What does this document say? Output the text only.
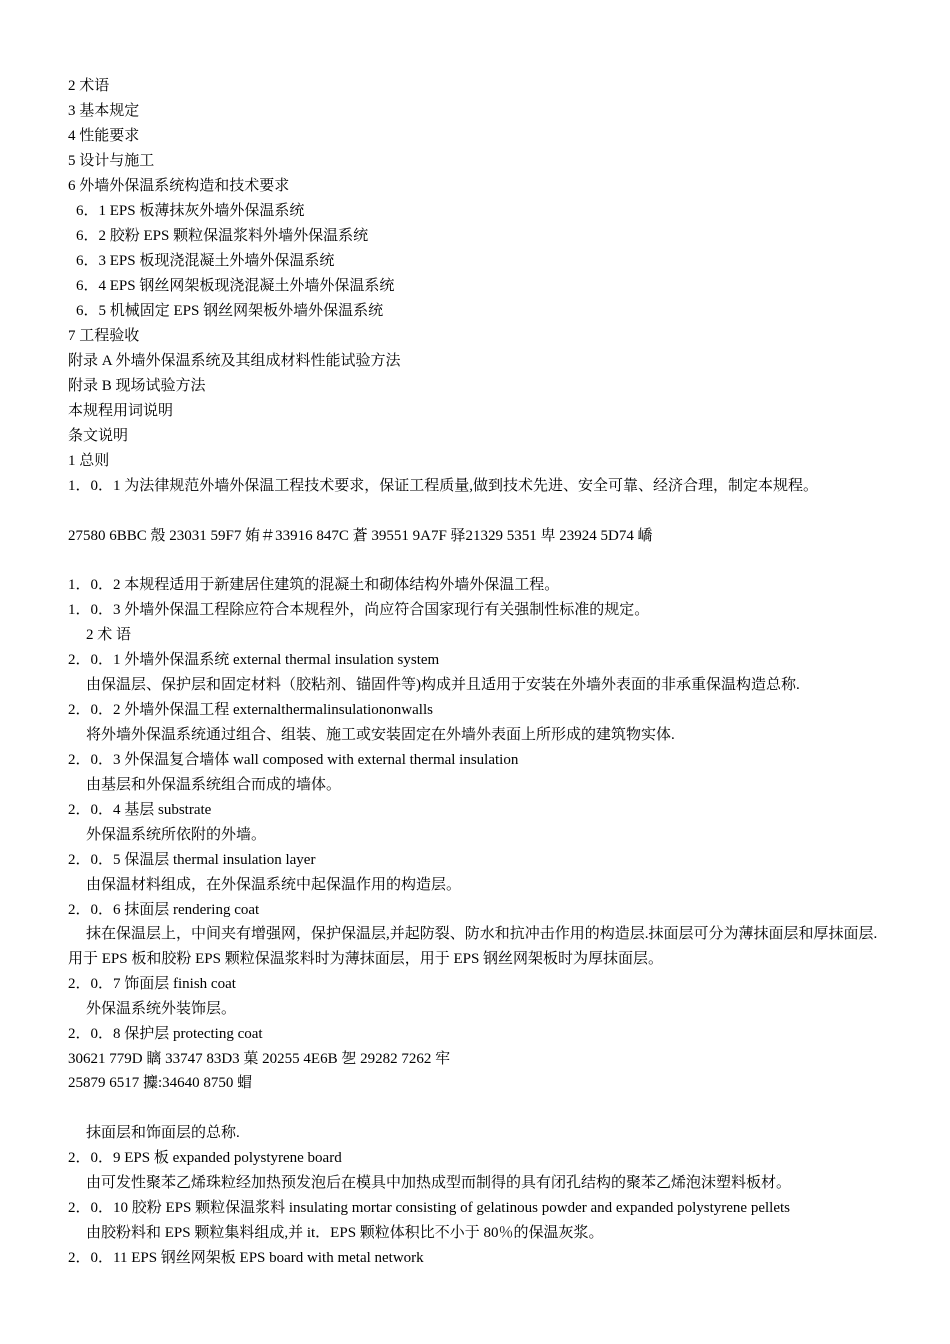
2 术语
3 基本规定
4 性能要求
5 设计与施工
6 外墙外保温系统构造和技术要求
6．1 EPS 板薄抹灰外墙外保温系统
6．2 胶粉 EPS 颗粒保温浆料外墙外保温系统
6．3 EPS 板现浇混凝土外墙外保温系统
6．4 EPS 钢丝网架板现浇混凝土外墙外保温系统
6．5 机械固定 EPS 钢丝网架板外墙外保温系统
7 工程验收
附录 A 外墙外保温系统及其组成材料性能试验方法
附录 B 现场试验方法
本规程用词说明
条文说明
1 总则
1．0．1 为法律规范外墙外保温工程技术要求，保证工程质量,做到技术先进、安全可靠、经济合理，制定本规程。
27580 6BBC 殼 23031 59F7 姷＃33916 847C 蒼 39551 9A7F 驿21329 5351 卑 23924 5D74 嶠
1．0．2 本规程适用于新建居住建筑的混凝土和砌体结构外墙外保温工程。
1．0．3 外墙外保温工程除应符合本规程外，尚应符合国家现行有关强制性标准的规定。
2 术 语
2．0．1 外墙外保温系统 external thermal insulation system
由保温层、保护层和固定材料（胶粘剂、锚固件等)构成并且适用于安装在外墙外表面的非承重保温构造总称.
2．0．2 外墙外保温工程 externalthermalinsulationonwalls
将外墙外保温系统通过组合、组装、施工或安装固定在外墙外表面上所形成的建筑物实体.
2．0．3 外保温复合墙体 wall composed with external thermal insulation
由基层和外保温系统组合而成的墙体。
2．0．4 基层 substrate
外保温系统所依附的外墙。
2．0．5 保温层 thermal insulation layer
由保温材料组成，在外保温系统中起保温作用的构造层。
2．0．6 抹面层 rendering coat
抹在保温层上，中间夹有增强网，保护保温层,并起防裂、防水和抗冲击作用的构造层.抹面层可分为薄抹面层和厚抹面层.用于 EPS 板和胶粉 EPS 颗粒保温浆料时为薄抹面层，用于 EPS 钢丝网架板时为厚抹面层。
2．0．7 饰面层 finish coat
外保温系统外装饰层。
2．0．8 保护层 protecting coat
30621 779D 瞝 33747 83D3 菓 20255 4E6B 乫 29282 7262 牢
25879 6517 攗:34640 8750 蝐
抹面层和饰面层的总称.
2．0．9 EPS 板 expanded polystyrene board
由可发性聚苯乙烯珠粒经加热预发泡后在模具中加热成型而制得的具有闭孔结构的聚苯乙烯泡沫塑料板材。
2．0．10 胶粉 EPS 颗粒保温浆料 insulating mortar consisting of gelatinous powder and expanded polystyrene pellets
由胶粉料和 EPS 颗粒集料组成,并 it．EPS 颗粒体积比不小于 80％的保温灰浆。
2．0．11 EPS 钢丝网架板 EPS board with metal network
